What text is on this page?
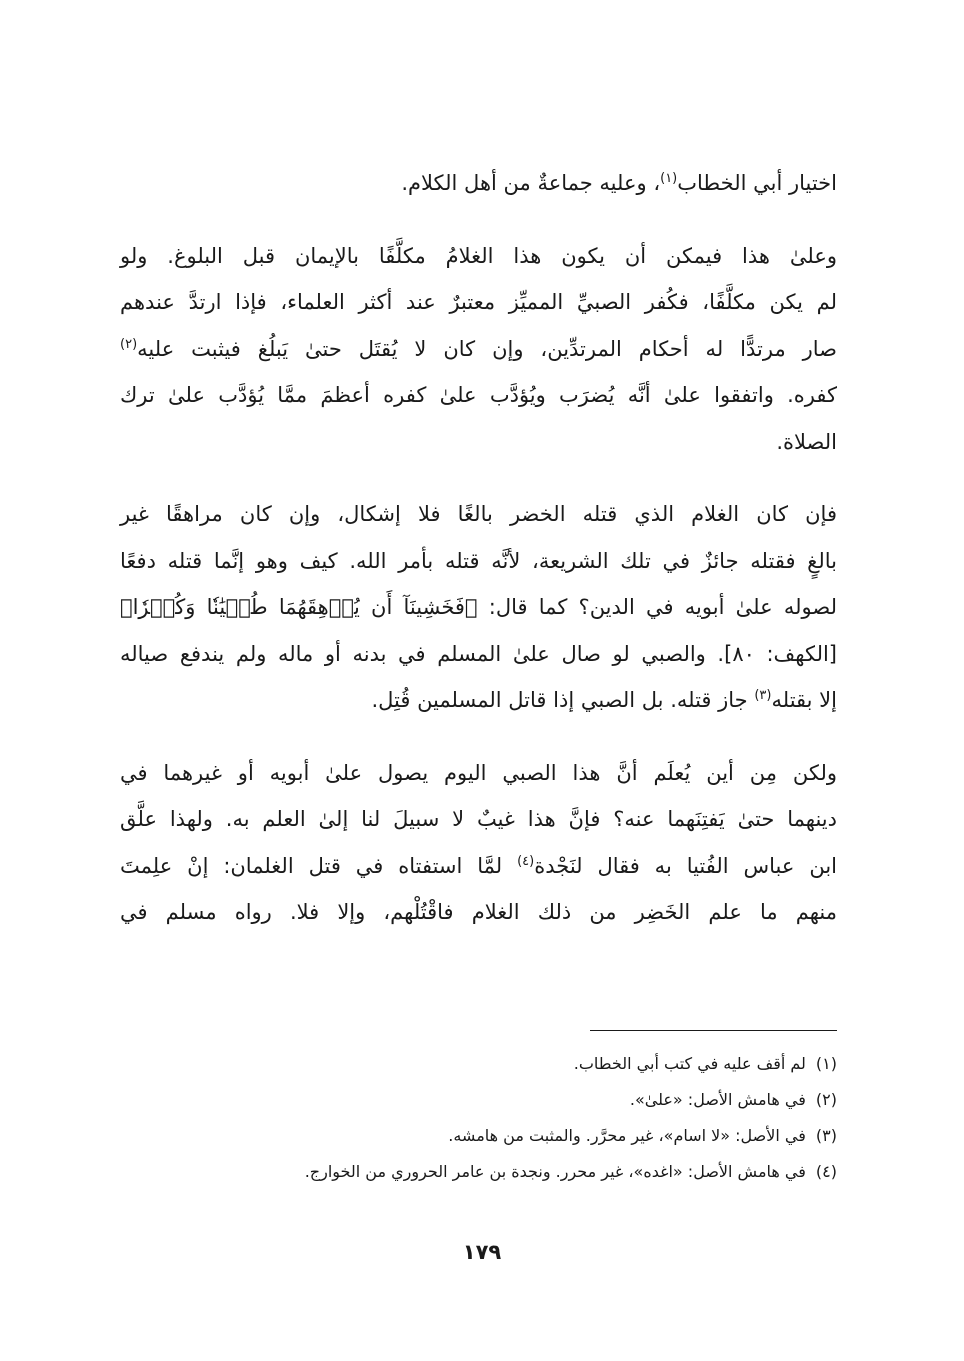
اختيار أبي الخطاب$^{(١)}$، وعليه جماعةٌ من أهل الكلام.

وعلىٰ هذا فيمكن أن يكون هذا الغلامُ مكلَّفًا بالإيمان قبل البلوغ. ولو
لم يكن مكلَّفًا، فكُفر الصبيِّ المميِّز معتبرٌ عند أكثر العلماء، فإذا ارتدَّ عندهم
صار مرتدًّا له أحكام المرتدِّين، وإن كان لا يُقتَل حتىٰ يَبلُغ فيثبت عليه$^{(٢)}$
كفره. واتفقوا علىٰ أنَّه يُضرَب ويُؤدَّب علىٰ كفره أعظمَ ممَّا يُؤدَّب علىٰ ترك
الصلاة.

فإن كان الغلام الذي قتله الخضر بالغًا فلا إشكال، وإن كان مراهقًا غير
بالغٍ فقتله جائزٌ في تلك الشريعة، لأنَّه قتله بأمر الله. كيف وهو إنَّما قتله دفعًا
لصوله علىٰ أبويه في الدين؟ كما قال: ﴿فَخَشِينَآ أَن يُرۡهِقَهُمَا طُغۡيَٰنٗا وَكُفۡرٗا﴾
[الكهف: ٨٠]. والصبي لو صال علىٰ المسلم في بدنه أو ماله ولم يندفع صياله
إلا بقتله$^{(٣)}$ جاز قتله. بل الصبي إذا قاتل المسلمين قُتِل.

ولكن مِن أين يُعلَم أنَّ هذا الصبي اليوم يصول علىٰ أبويه أو غيرهما في
دينهما حتىٰ يَفتِنَهما عنه؟ فإنَّ هذا غيبٌ لا سبيلَ لنا إلىٰ العلم به. ولهذا علَّق
ابن عباس الفُتيا به فقال لنَجْدة$^{(٤)}$ لمَّا استفتاه في قتل الغلمان: إنْ علِمتَ
منهم ما علم الخَضِر من ذلك الغلام فاقْتُلْهم، وإلا فلا. رواه مسلم في

(١)لم أقف عليه في كتب أبي الخطاب.
(٢)في هامش الأصل: «علىٰ».
(٣)في الأصل: «لا اسام»، غير محرَّر. والمثبت من هامشه.
(٤)في هامش الأصل: «اغده»، غير محرر. ونجدة بن عامر الحروري من الخوارج.
١٧٩
